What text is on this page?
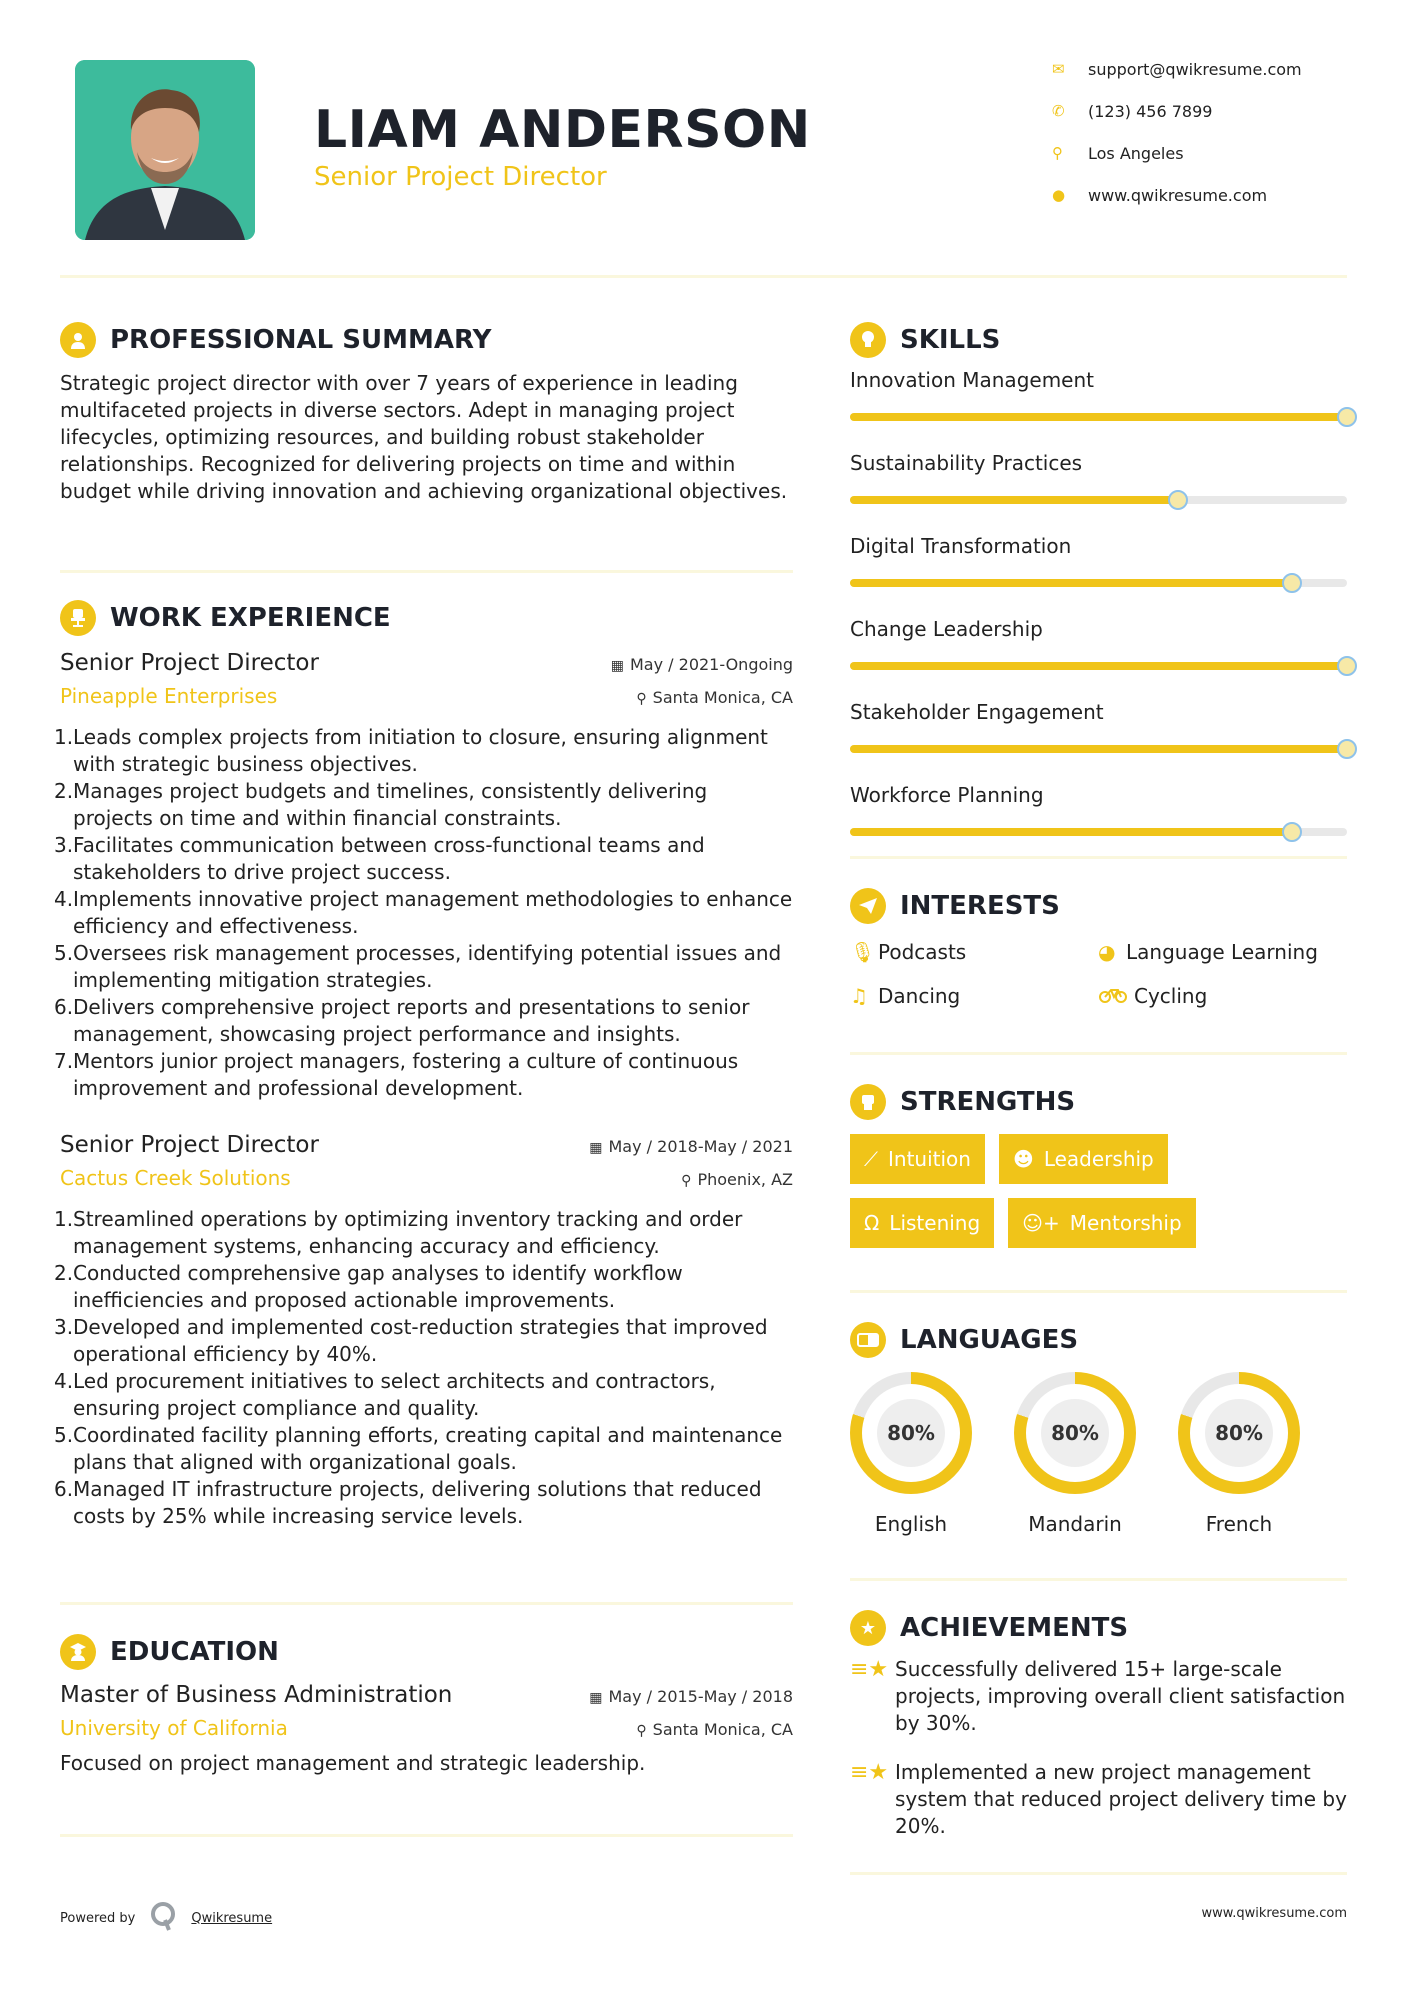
LIAM ANDERSON
Senior Project Director
✉	support@qwikresume.com
✆	(123) 456 7899
⚲	Los Angeles
●	www.qwikresume.com
PROFESSIONAL SUMMARY

Strategic project director with over 7 years of experience in leading multifaceted projects in diverse sectors. Adept in managing project lifecycles, optimizing resources, and building robust stakeholder relationships. Recognized for delivering projects on time and within budget while driving innovation and achieving organizational objectives.

WORK EXPERIENCE
Senior Project Director	▦ May / 2021-Ongoing
Pineapple Enterprises	⚲ Santa Monica, CA
1. Leads complex projects from initiation to closure, ensuring alignment with strategic business objectives.
2. Manages project budgets and timelines, consistently delivering projects on time and within financial constraints.
3. Facilitates communication between cross-functional teams and stakeholders to drive project success.
4. Implements innovative project management methodologies to enhance efficiency and effectiveness.
5. Oversees risk management processes, identifying potential issues and implementing mitigation strategies.
6. Delivers comprehensive project reports and presentations to senior management, showcasing project performance and insights.
7. Mentors junior project managers, fostering a culture of continuous improvement and professional development.
Senior Project Director	▦ May / 2018-May / 2021
Cactus Creek Solutions	⚲ Phoenix, AZ
1. Streamlined operations by optimizing inventory tracking and order management systems, enhancing accuracy and efficiency.
2. Conducted comprehensive gap analyses to identify workflow inefficiencies and proposed actionable improvements.
3. Developed and implemented cost-reduction strategies that improved operational efficiency by 40%.
4. Led procurement initiatives to select architects and contractors, ensuring project compliance and quality.
5. Coordinated facility planning efforts, creating capital and maintenance plans that aligned with organizational goals.
6. Managed IT infrastructure projects, delivering solutions that reduced costs by 25% while increasing service levels.
EDUCATION
Master of Business Administration	▦ May / 2015-May / 2018
University of California	⚲ Santa Monica, CA

Focused on project management and strategic leadership.

SKILLS
Innovation Management
Sustainability Practices
Digital Transformation
Change Leadership
Stakeholder Engagement
Workforce Planning
INTERESTS
🎙︎ Podcasts	◕ Language Learning
♫ Dancing	Cycling
STRENGTHS
⟋ Intuition ☻ Leadership
Ω Listening ☺+ Mentorship
LANGUAGES
80%
English
80%
Mandarin
80%
French
★ ACHIEVEMENTS
≡★ Successfully delivered 15+ large-scale projects, improving overall client satisfaction by 30%.
≡★ Implemented a new project management system that reduced project delivery time by 20%.
Powered by	Qwikresume	www.qwikresume.com
